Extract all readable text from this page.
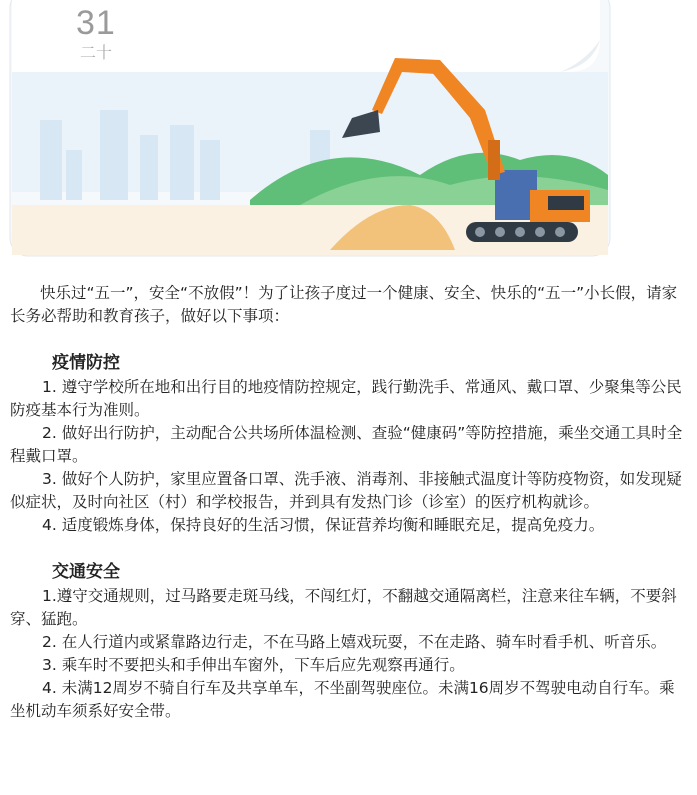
31
二十

快乐过“五一”，安全“不放假”！为了让孩子度过一个健康、安全、快乐的“五一”小长假，请家长务必帮助和教育孩子，做好以下事项：

疫情防控

1. 遵守学校所在地和出行目的地疫情防控规定，践行勤洗手、常通风、戴口罩、少聚集等公民防疫基本行为准则。

2. 做好出行防护，主动配合公共场所体温检测、查验“健康码”等防控措施，乘坐交通工具时全程戴口罩。

3. 做好个人防护，家里应置备口罩、洗手液、消毒剂、非接触式温度计等防疫物资，如发现疑似症状，及时向社区（村）和学校报告，并到具有发热门诊（诊室）的医疗机构就诊。

4. 适度锻炼身体，保持良好的生活习惯，保证营养均衡和睡眠充足，提高免疫力。

交通安全

1.遵守交通规则，过马路要走斑马线，不闯红灯，不翻越交通隔离栏，注意来往车辆，不要斜穿、猛跑。

2. 在人行道内或紧靠路边行走，不在马路上嬉戏玩耍，不在走路、骑车时看手机、听音乐。

3. 乘车时不要把头和手伸出车窗外，下车后应先观察再通行。

4. 未满12周岁不骑自行车及共享单车，不坐副驾驶座位。未满16周岁不驾驶电动自行车。乘坐机动车须系好安全带。
